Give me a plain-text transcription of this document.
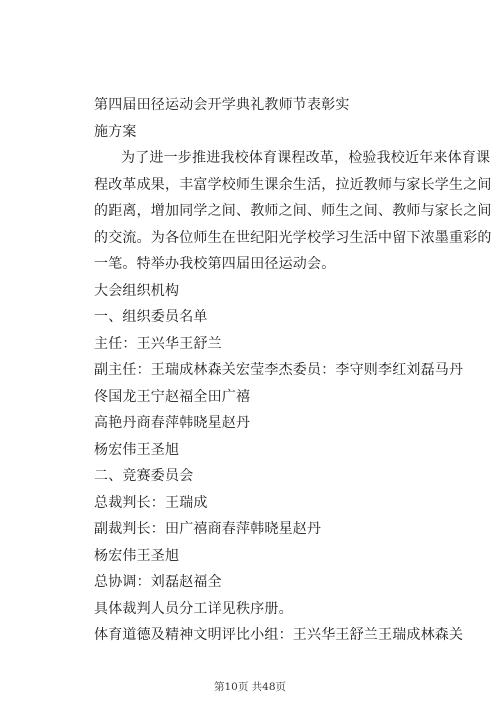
第四届田径运动会开学典礼教师节表彰实
施方案
为了进一步推进我校体育课程改革，检验我校近年来体育课
程改革成果，丰富学校师生课余生活，拉近教师与家长学生之间
的距离，增加同学之间、教师之间、师生之间、教师与家长之间
的交流。为各位师生在世纪阳光学校学习生活中留下浓墨重彩的
一笔。特举办我校第四届田径运动会。
大会组织机构
一、组织委员名单
主任：王兴华王舒兰
副主任：王瑞成林森关宏莹李杰委员：李守则李红刘磊马丹
佟国龙王宁赵福全田广禧
高艳丹商春萍韩晓星赵丹
杨宏伟王圣旭
二、竞赛委员会
总裁判长：王瑞成
副裁判长：田广禧商春萍韩晓星赵丹
杨宏伟王圣旭
总协调：刘磊赵福全
具体裁判人员分工详见秩序册。
体育道德及精神文明评比小组：王兴华王舒兰王瑞成林森关
第10页 共48页
